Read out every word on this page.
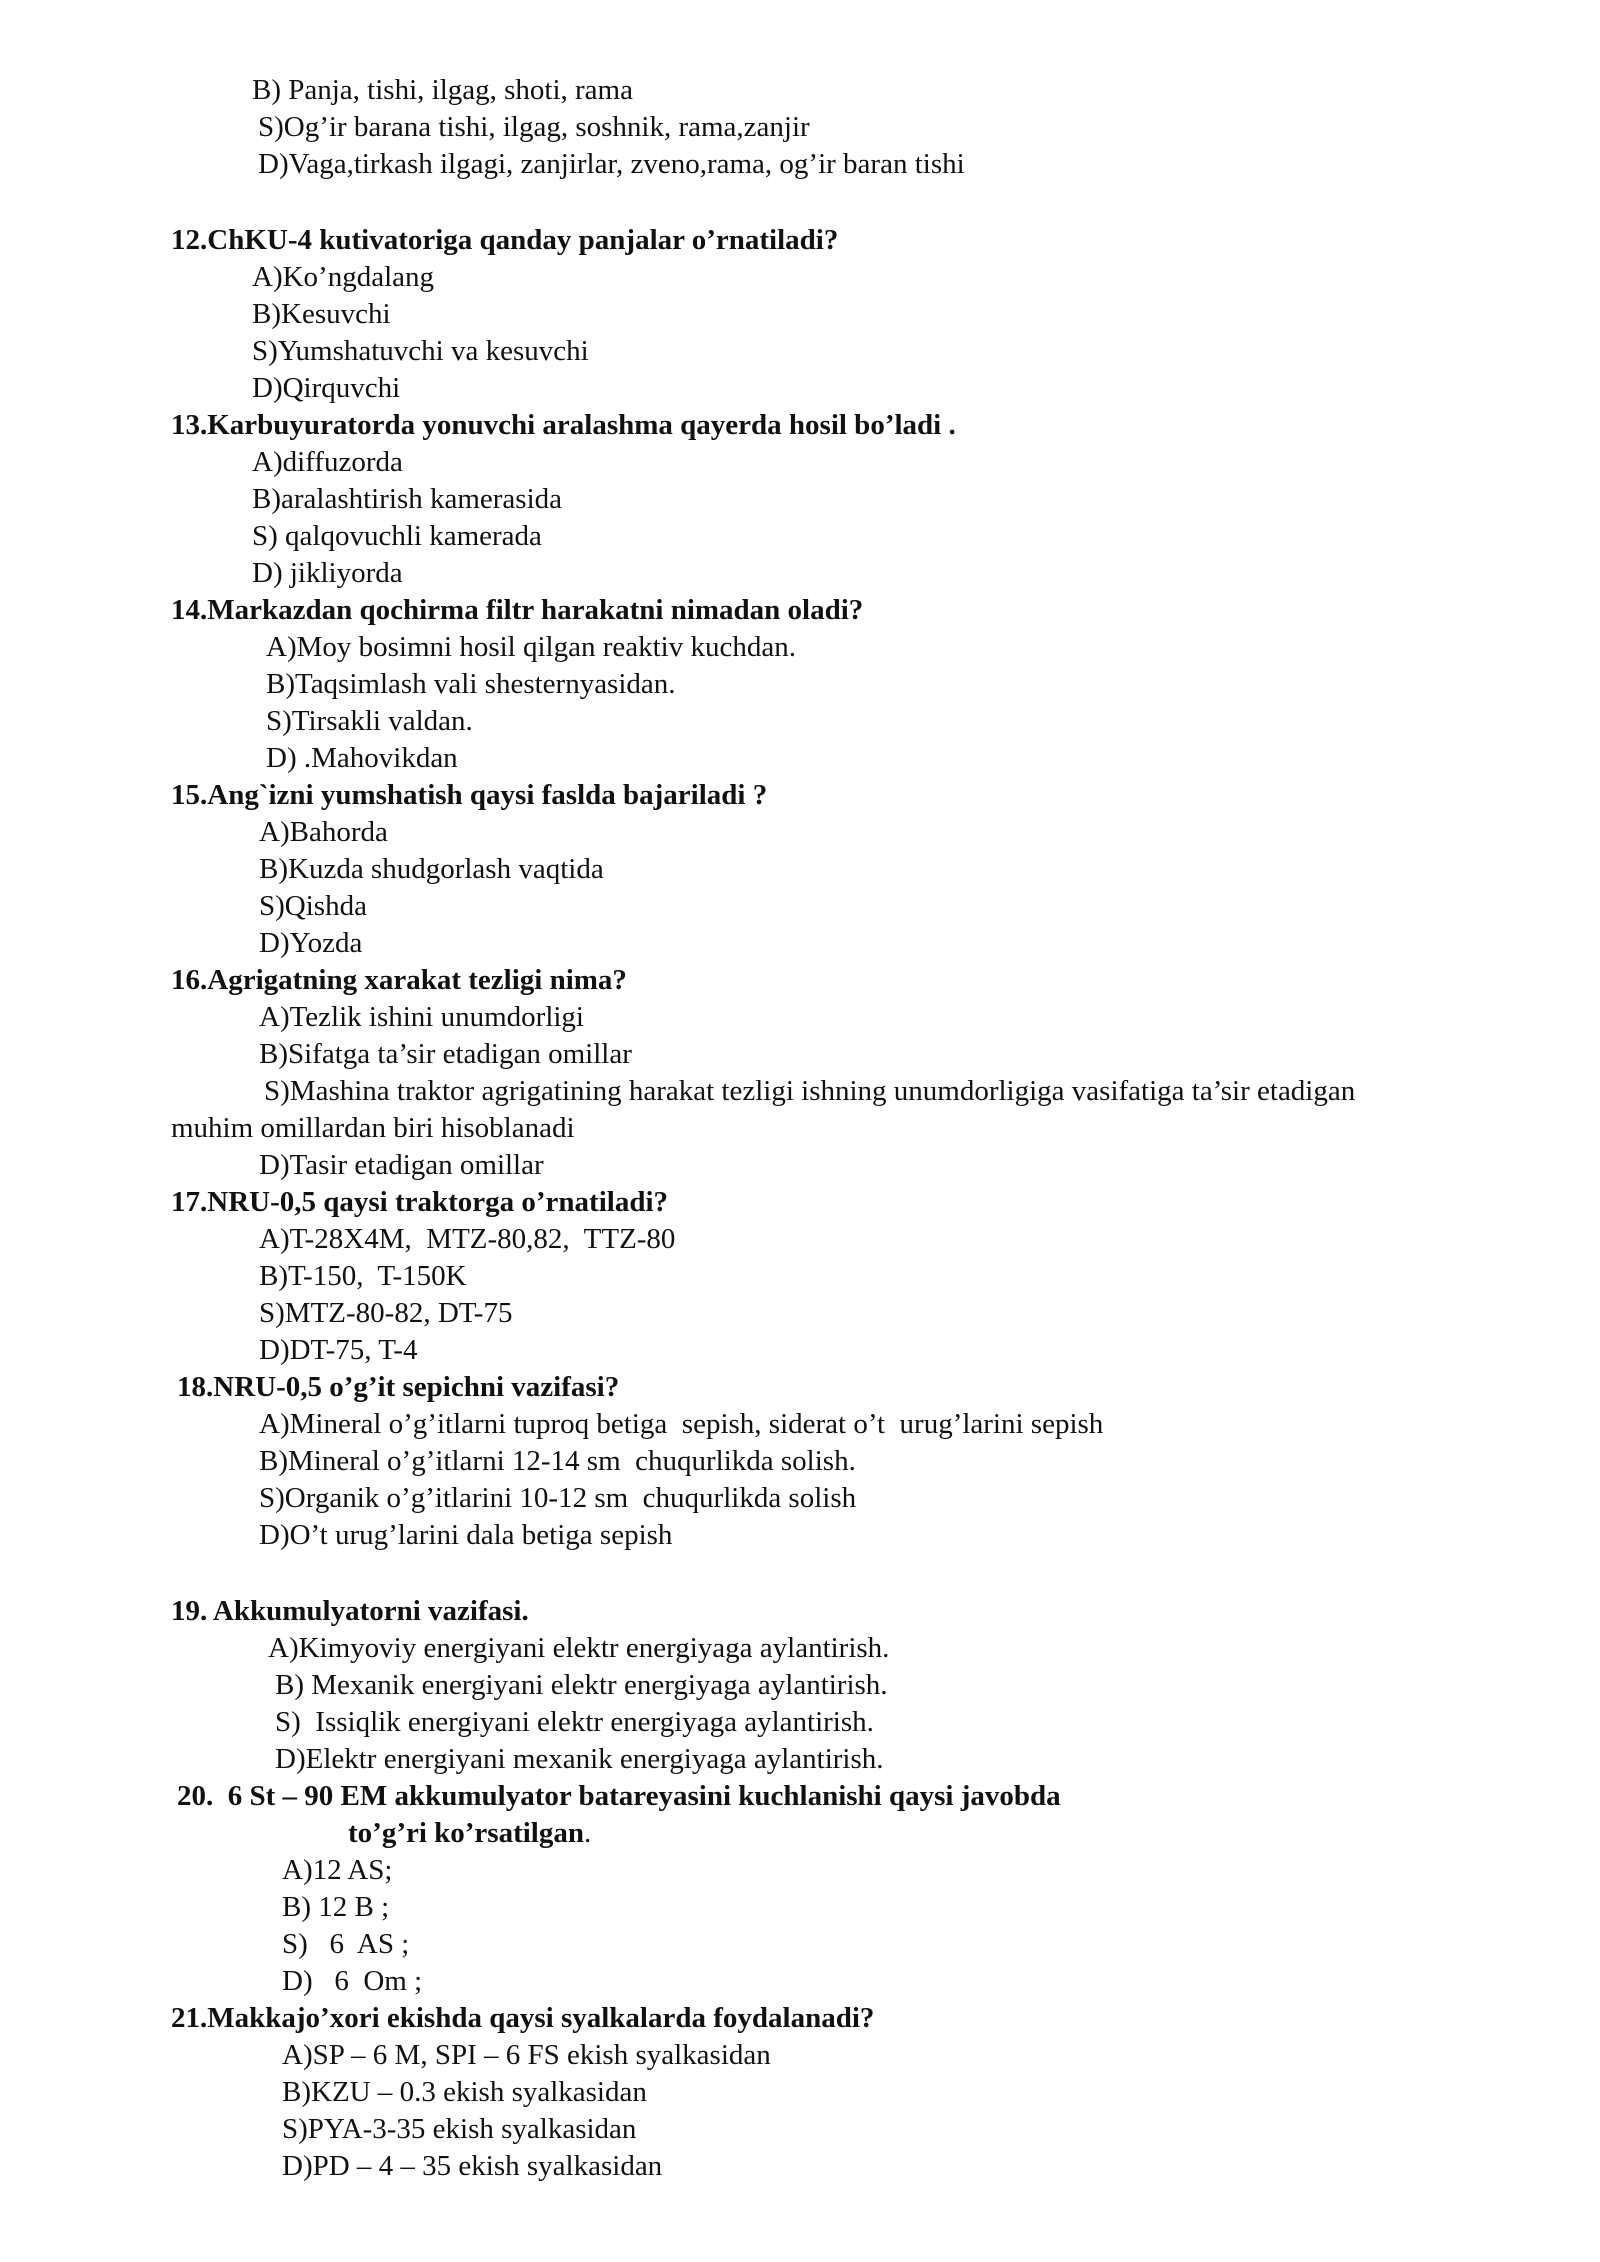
B) Panja, tishi, ilgag, shoti, rama
S)Og’ir barana tishi, ilgag, soshnik, rama,zanjir
D)Vaga,tirkash ilgagi, zanjirlar, zveno,rama, og’ir baran tishi
12.ChKU-4 kutivatoriga qanday panjalar o’rnatiladi?
A)Ko’ngdalang
B)Kesuvchi
S)Yumshatuvchi va kesuvchi
D)Qirquvchi
13.Karbuyuratorda yonuvchi aralashma qayerda hosil bo’ladi .
A)diffuzorda
B)aralashtirish kamerasida
S) qalqovuchli kamerada
D) jikliyorda
14.Markazdan qochirma filtr harakatni nimadan oladi?
A)Moy bosimni hosil qilgan reaktiv kuchdan.
B)Taqsimlash vali shesternyasidan.
S)Tirsakli valdan.
D) .Mahovikdan
15.Ang`izni yumshatish qaysi faslda bajariladi ?
A)Bahorda
B)Kuzda shudgorlash vaqtida
S)Qishda
D)Yozda
16.Agrigatning xarakat tezligi nima?
A)Tezlik ishini unumdorligi
B)Sifatga ta’sir etadigan omillar
S)Mashina traktor agrigatining harakat tezligi ishning unumdorligiga vasifatiga ta’sir etadigan
muhim omillardan biri hisoblanadi
D)Tasir etadigan omillar
17.NRU-0,5 qaysi traktorga o’rnatiladi?
A)T-28X4M,  MTZ-80,82,  TTZ-80
B)T-150,  T-150K
S)MTZ-80-82, DT-75
D)DT-75, T-4
18.NRU-0,5 o’g’it sepichni vazifasi?
A)Mineral o’g’itlarni tuproq betiga  sepish, siderat o’t  urug’larini sepish
B)Mineral o’g’itlarni 12-14 sm  chuqurlikda solish.
S)Organik o’g’itlarini 10-12 sm  chuqurlikda solish
D)O’t urug’larini dala betiga sepish
19. Akkumulyatorni vazifasi.
A)Kimyoviy energiyani elektr energiyaga aylantirish.
B) Mexanik energiyani elektr energiyaga aylantirish.
S)  Issiqlik energiyani elektr energiyaga aylantirish.
D)Elektr energiyani mexanik energiyaga aylantirish.
20.  6 St – 90 EM akkumulyator batareyasini kuchlanishi qaysi javobda
to’g’ri ko’rsatilgan.
A)12 AS;
B) 12 B ;
S)   6  AS ;
D)   6  Om ;
21.Makkajo’xori ekishda qaysi syalkalarda foydalanadi?
A)SP – 6 M, SPI – 6 FS ekish syalkasidan
B)KZU – 0.3 ekish syalkasidan
S)PYA-3-35 ekish syalkasidan
D)PD – 4 – 35 ekish syalkasidan
